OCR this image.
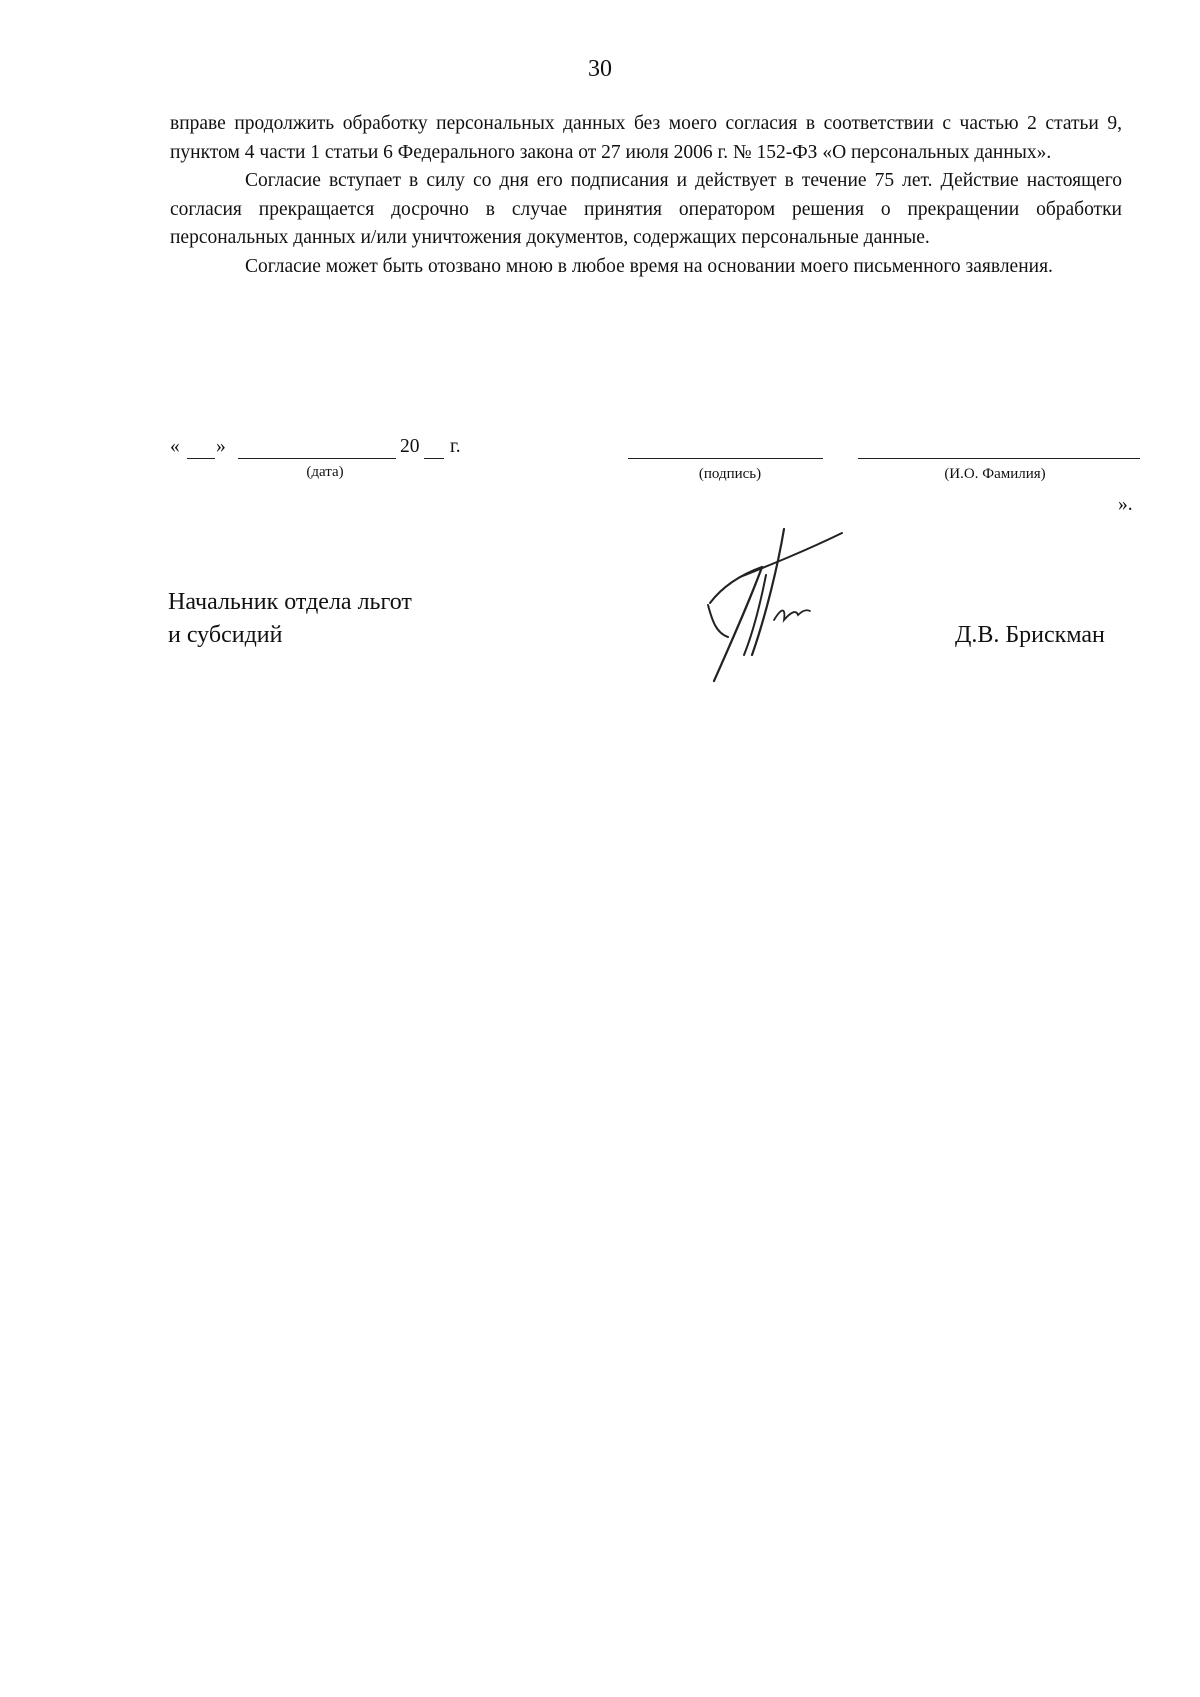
30

вправе продолжить обработку персональных данных без моего согласия в соответствии с частью 2 статьи 9, пунктом 4 части 1 статьи 6 Федерального закона от 27 июля 2006 г. № 152-ФЗ «О персональных данных».

Согласие вступает в силу со дня его подписания и действует в течение 75 лет. Действие настоящего согласия прекращается досрочно в случае принятия оператором решения о прекращении обработки персональных данных и/или уничтожения документов, содержащих персональные данные.

Согласие может быть отозвано мною в любое время на основании моего письменного заявления.

« »	20 г.
(дата)	(подпись)	(И.О. Фамилия)
».
Начальник отдела льгот
и субсидий	Д.В. Брискман
